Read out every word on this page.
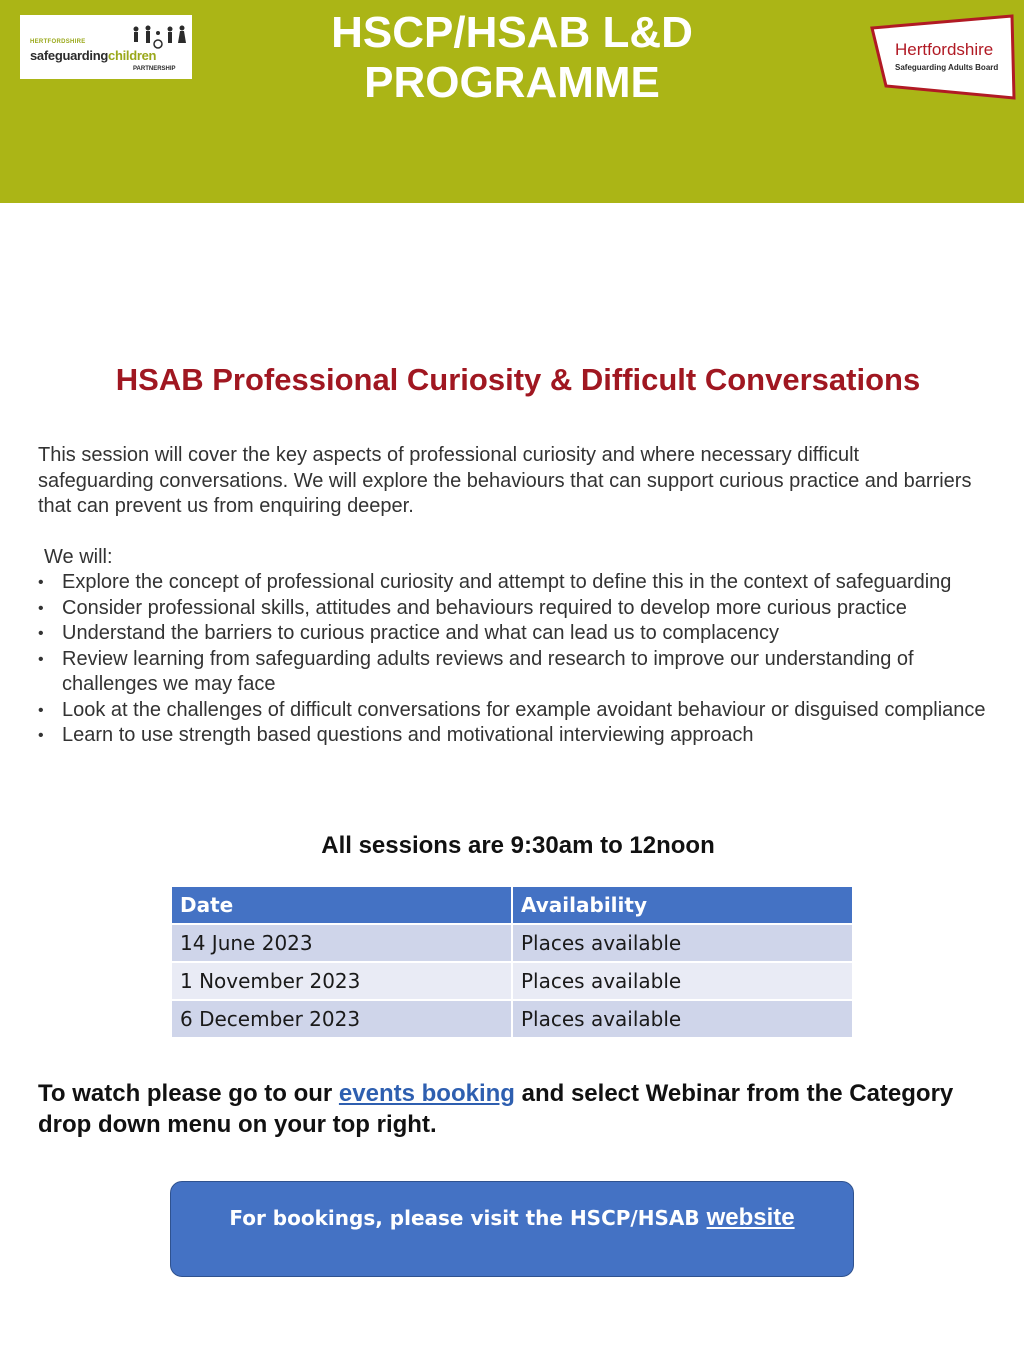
HERTFORDSHIRE
safeguardingchildren
PARTNERSHIP
HSCP/HSAB L&D
PROGRAMME
Hertfordshire
Safeguarding Adults Board
HSAB Professional Curiosity & Difficult Conversations
This session will cover the key aspects of professional curiosity and where necessary difficult safeguarding conversations. We will explore the behaviours that can support curious practice and barriers that can prevent us from enquiring deeper.
We will:
• Explore the concept of professional curiosity and attempt to define this in the context of safeguarding
• Consider professional skills, attitudes and behaviours required to develop more curious practice
• Understand the barriers to curious practice and what can lead us to complacency
• Review learning from safeguarding adults reviews and research to improve our understanding of challenges we may face
• Look at the challenges of difficult conversations for example avoidant behaviour or disguised compliance
• Learn to use strength based questions and motivational interviewing approach
All sessions are 9:30am to 12noon
Date	Availability
14 June 2023	Places available
1 November 2023	Places available
6 December 2023	Places available
To watch please go to our events booking and select Webinar from the Category drop down menu on your top right.
For bookings, please visit the HSCP/HSAB website
